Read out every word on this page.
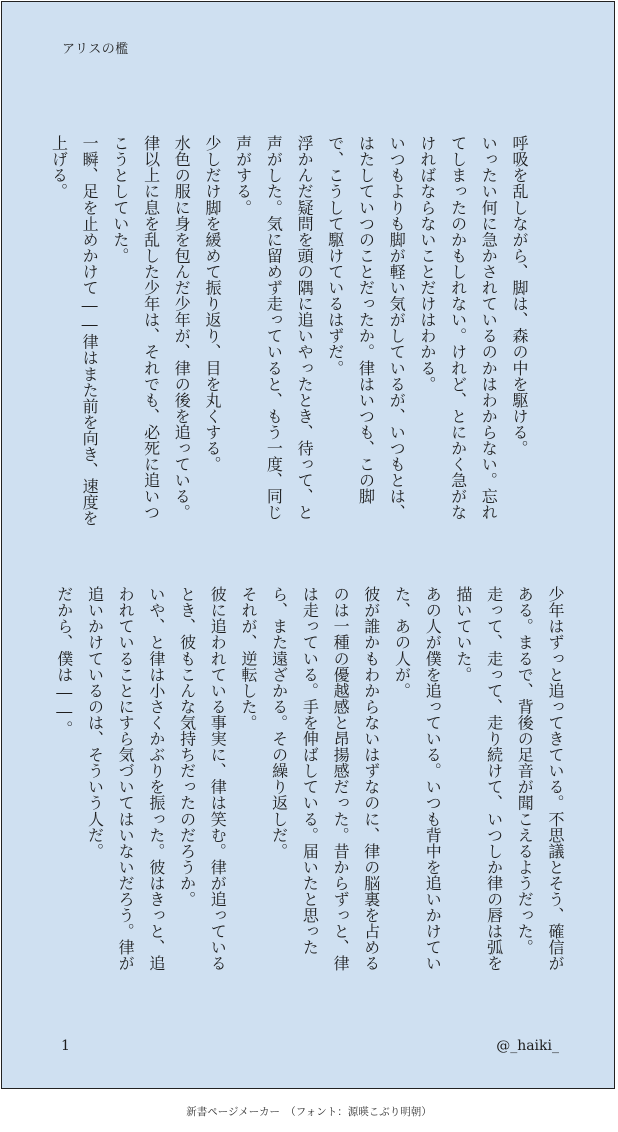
アリスの檻

呼吸を乱しながら、脚は、森の中を駆ける。

いったい何に急かされているのかはわからない。忘れてしまったのかもしれない。けれど、とにかく急がなければならないことだけはわかる。

いつもよりも脚が軽い気がしているが、いつもとは、はたしていつのことだったか。律はいつも、この脚で、こうして駆けているはずだ。

浮かんだ疑問を頭の隅に追いやったとき、待って、と声がした。気に留めず走っていると、もう一度、同じ声がする。

少しだけ脚を緩めて振り返り、目を丸くする。

水色の服に身を包んだ少年が、律の後を追っている。律以上に息を乱した少年は、それでも、必死に追いつこうとしていた。

一瞬、足を止めかけて――律はまた前を向き、速度を上げる。

少年はずっと追ってきている。不思議とそう、確信がある。まるで、背後の足音が聞こえるようだった。

走って、走って、走り続けて、いつしか律の唇は弧を描いていた。

あの人が僕を追っている。いつも背中を追いかけていた、あの人が。

彼が誰かもわからないはずなのに、律の脳裏を占めるのは一種の優越感と昂揚感だった。昔からずっと、律は走っている。手を伸ばしている。届いたと思ったら、また遠ざかる。その繰り返しだ。

それが、逆転した。

彼に追われている事実に、律は笑む。律が追っているとき、彼もこんな気持ちだったのだろうか。

いや、と律は小さくかぶりを振った。彼はきっと、追われていることにすら気づいてはいないだろう。律が追いかけているのは、そういう人だ。

だから、僕は――。

1	@_haiki_
新書ページメーカー　（フォント：源暎こぶり明朝）
